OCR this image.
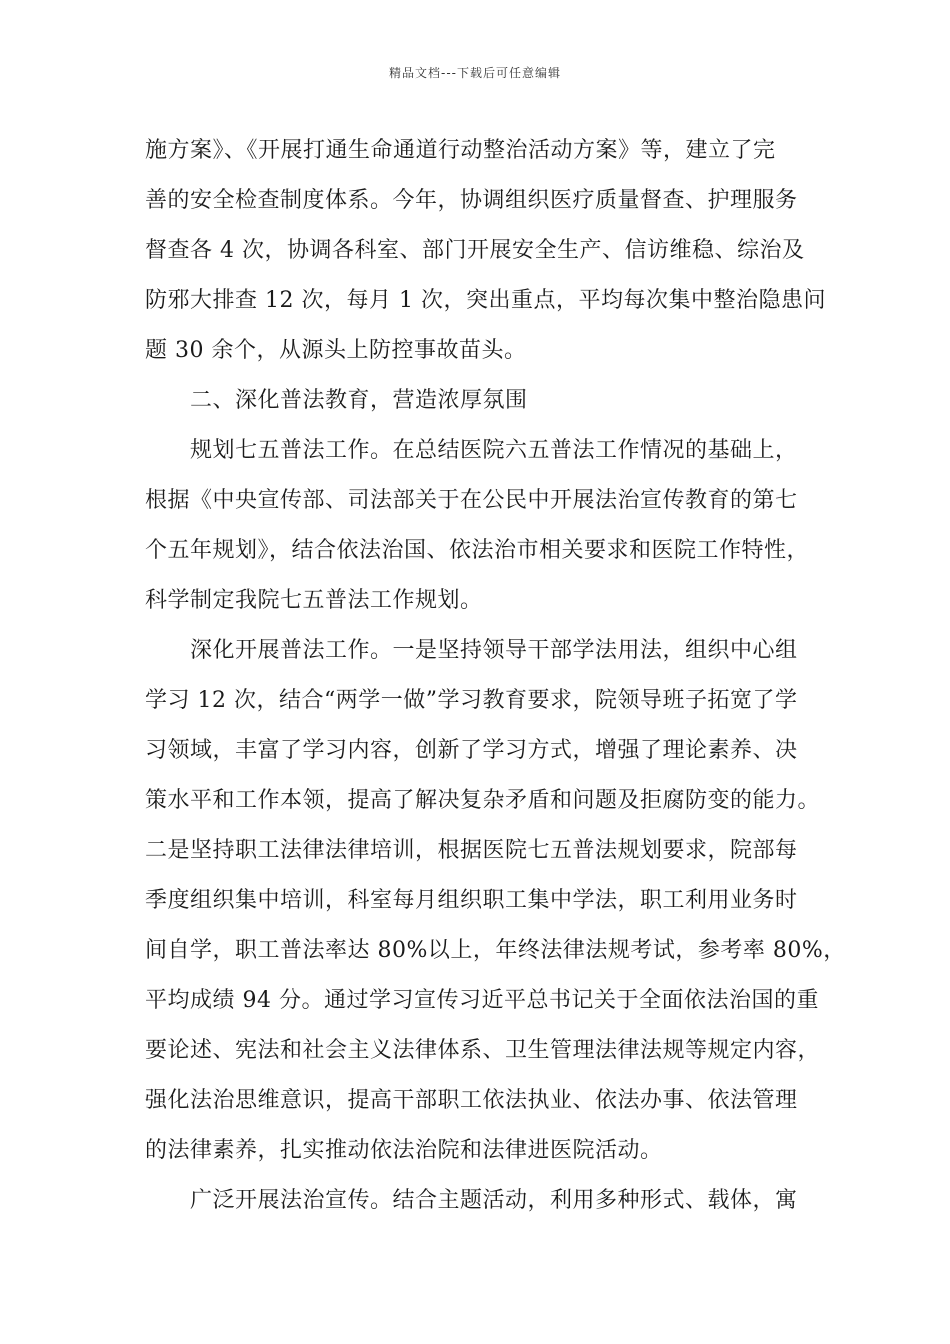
精品文档---下载后可任意编辑
施方案》、《开展打通生命通道行动整治活动方案》等，建立了完
善的安全检查制度体系。今年，协调组织医疗质量督查、护理服务
督查各 4 次，协调各科室、部门开展安全生产、信访维稳、综治及
防邪大排查 12 次，每月 1 次，突出重点，平均每次集中整治隐患问
题 30 余个，从源头上防控事故苗头。
二、深化普法教育，营造浓厚氛围
规划七五普法工作。在总结医院六五普法工作情况的基础上，
根据《中央宣传部、司法部关于在公民中开展法治宣传教育的第七
个五年规划》，结合依法治国、依法治市相关要求和医院工作特性，
科学制定我院七五普法工作规划。
深化开展普法工作。一是坚持领导干部学法用法，组织中心组
学习 12 次，结合“两学一做”学习教育要求，院领导班子拓宽了学
习领域，丰富了学习内容，创新了学习方式，增强了理论素养、决
策水平和工作本领，提高了解决复杂矛盾和问题及拒腐防变的能力。
二是坚持职工法律法律培训，根据医院七五普法规划要求，院部每
季度组织集中培训，科室每月组织职工集中学法，职工利用业务时
间自学，职工普法率达 80%以上，年终法律法规考试，参考率 80%，
平均成绩 94 分。通过学习宣传习近平总书记关于全面依法治国的重
要论述、宪法和社会主义法律体系、卫生管理法律法规等规定内容，
强化法治思维意识，提高干部职工依法执业、依法办事、依法管理
的法律素养，扎实推动依法治院和法律进医院活动。
广泛开展法治宣传。结合主题活动，利用多种形式、载体，寓
